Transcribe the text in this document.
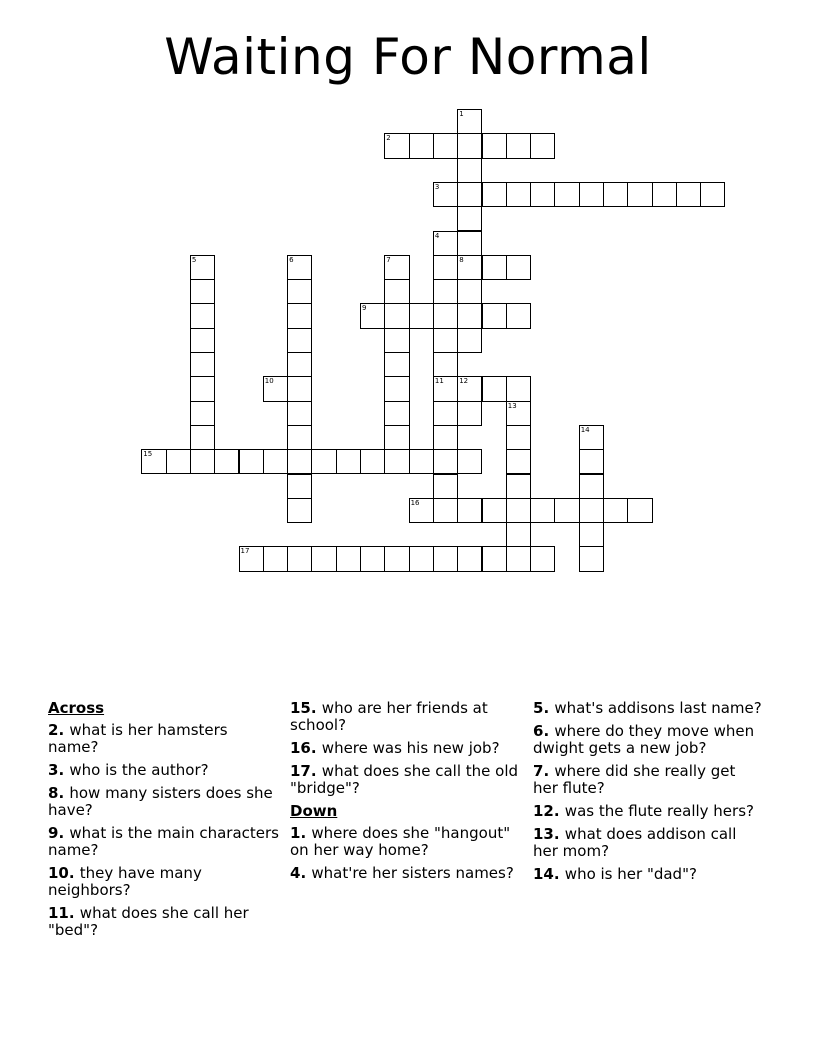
Waiting For Normal
1
8
2
3
4
11
5	6	7
9
10	12
13
14
15
16
17
Across
2. what is her hamsters name?
3. who is the author?
8. how many sisters does she have?
9. what is the main characters name?
10. they have many neighbors?
11. what does she call her "bed"?
15. who are her friends at school?
16. where was his new job?
17. what does she call the old "bridge"?
Down
1. where does she "hangout" on her way home?
4. what're her sisters names?
5. what's addisons last name?
6. where do they move when dwight gets a new job?
7. where did she really get her flute?
12. was the flute really hers?
13. what does addison call her mom?
14. who is her "dad"?
